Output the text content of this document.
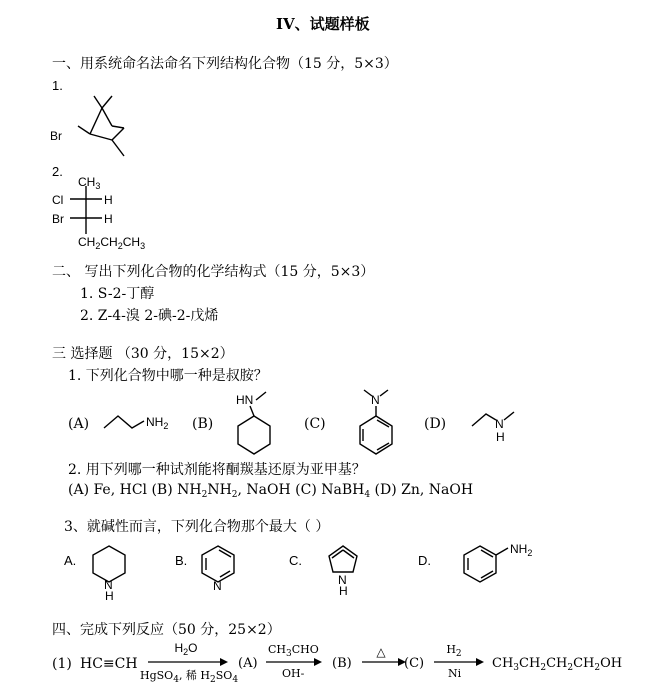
IV、试题样板
一、用系统命名法命名下列结构化合物（15 分，5×3）
1.
Br
2.
$CH_3$
Cl	H
Br	H
$CH_2CH_2CH_3$
二、 写出下列化合物的化学结构式（15 分，5×3）
1. S-2-丁醇
2. Z-4-溴 2-碘-2-戊烯
三 选择题 （30 分，15×2）
1. 下列化合物中哪一种是叔胺？
(A)	$NH_2$ (B)
HN
(C)
N
(D)	N
H
2. 用下列哪一种试剂能将酮羰基还原为亚甲基？
(A) Fe, HCl (B) $NH_2NH_2$, NaOH (C) NaBH$_4$ (D) Zn, NaOH
3、就碱性而言，下列化合物那个最大（ ）
A.
N
H
B.
N
C.
N
H
D.
$NH_2$
四、完成下列反应（50 分，25×2）
(1) HC≡CH
$H_2O$
HgSO$_4$, 稀 $H_2SO_4$
(A)
$CH_3CHO$
OH-
(B)
△
(C)
$H_2$
Ni
$CH_3CH_2CH_2CH_2OH$
